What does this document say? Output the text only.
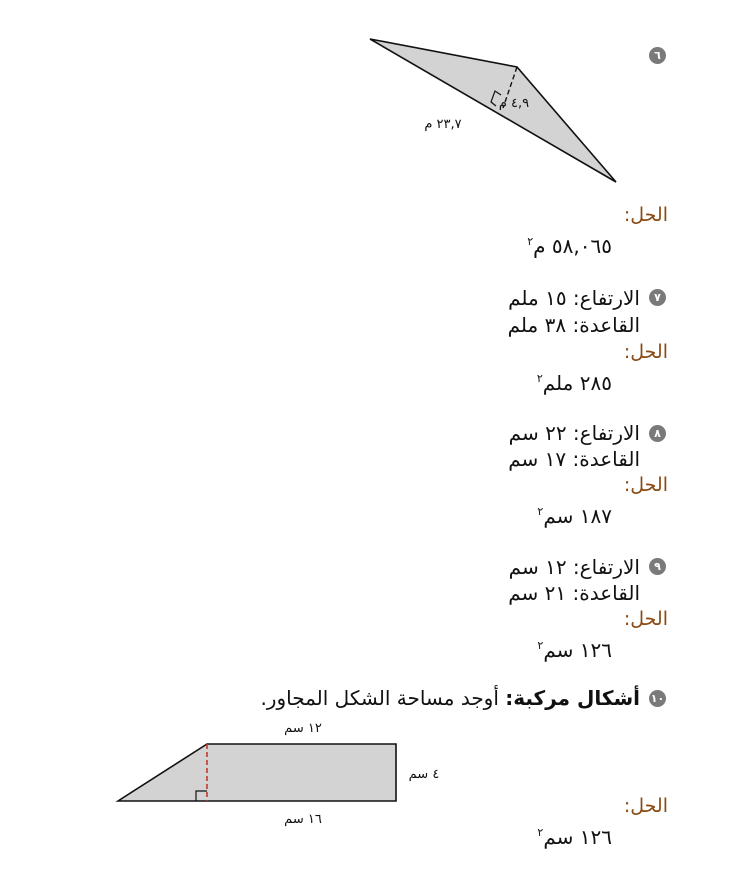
٦
٤,٩ م
٢٣,٧ م
الحل:
٥٨,٠٦٥ م$^٢$
٧
الارتفاع: ١٥ ملم
القاعدة: ٣٨ ملم
الحل:
٢٨٥ ملم$^٢$
٨
الارتفاع: ٢٢ سم
القاعدة: ١٧ سم
الحل:
١٨٧ سم$^٢$
٩
الارتفاع: ١٢ سم
القاعدة: ٢١ سم
الحل:
١٢٦ سم$^٢$
١٠
أشكال مركبة: أوجد مساحة الشكل المجاور.
١٢ سم
٤ سم
١٦ سم
الحل:
١٢٦ سم$^٢$
